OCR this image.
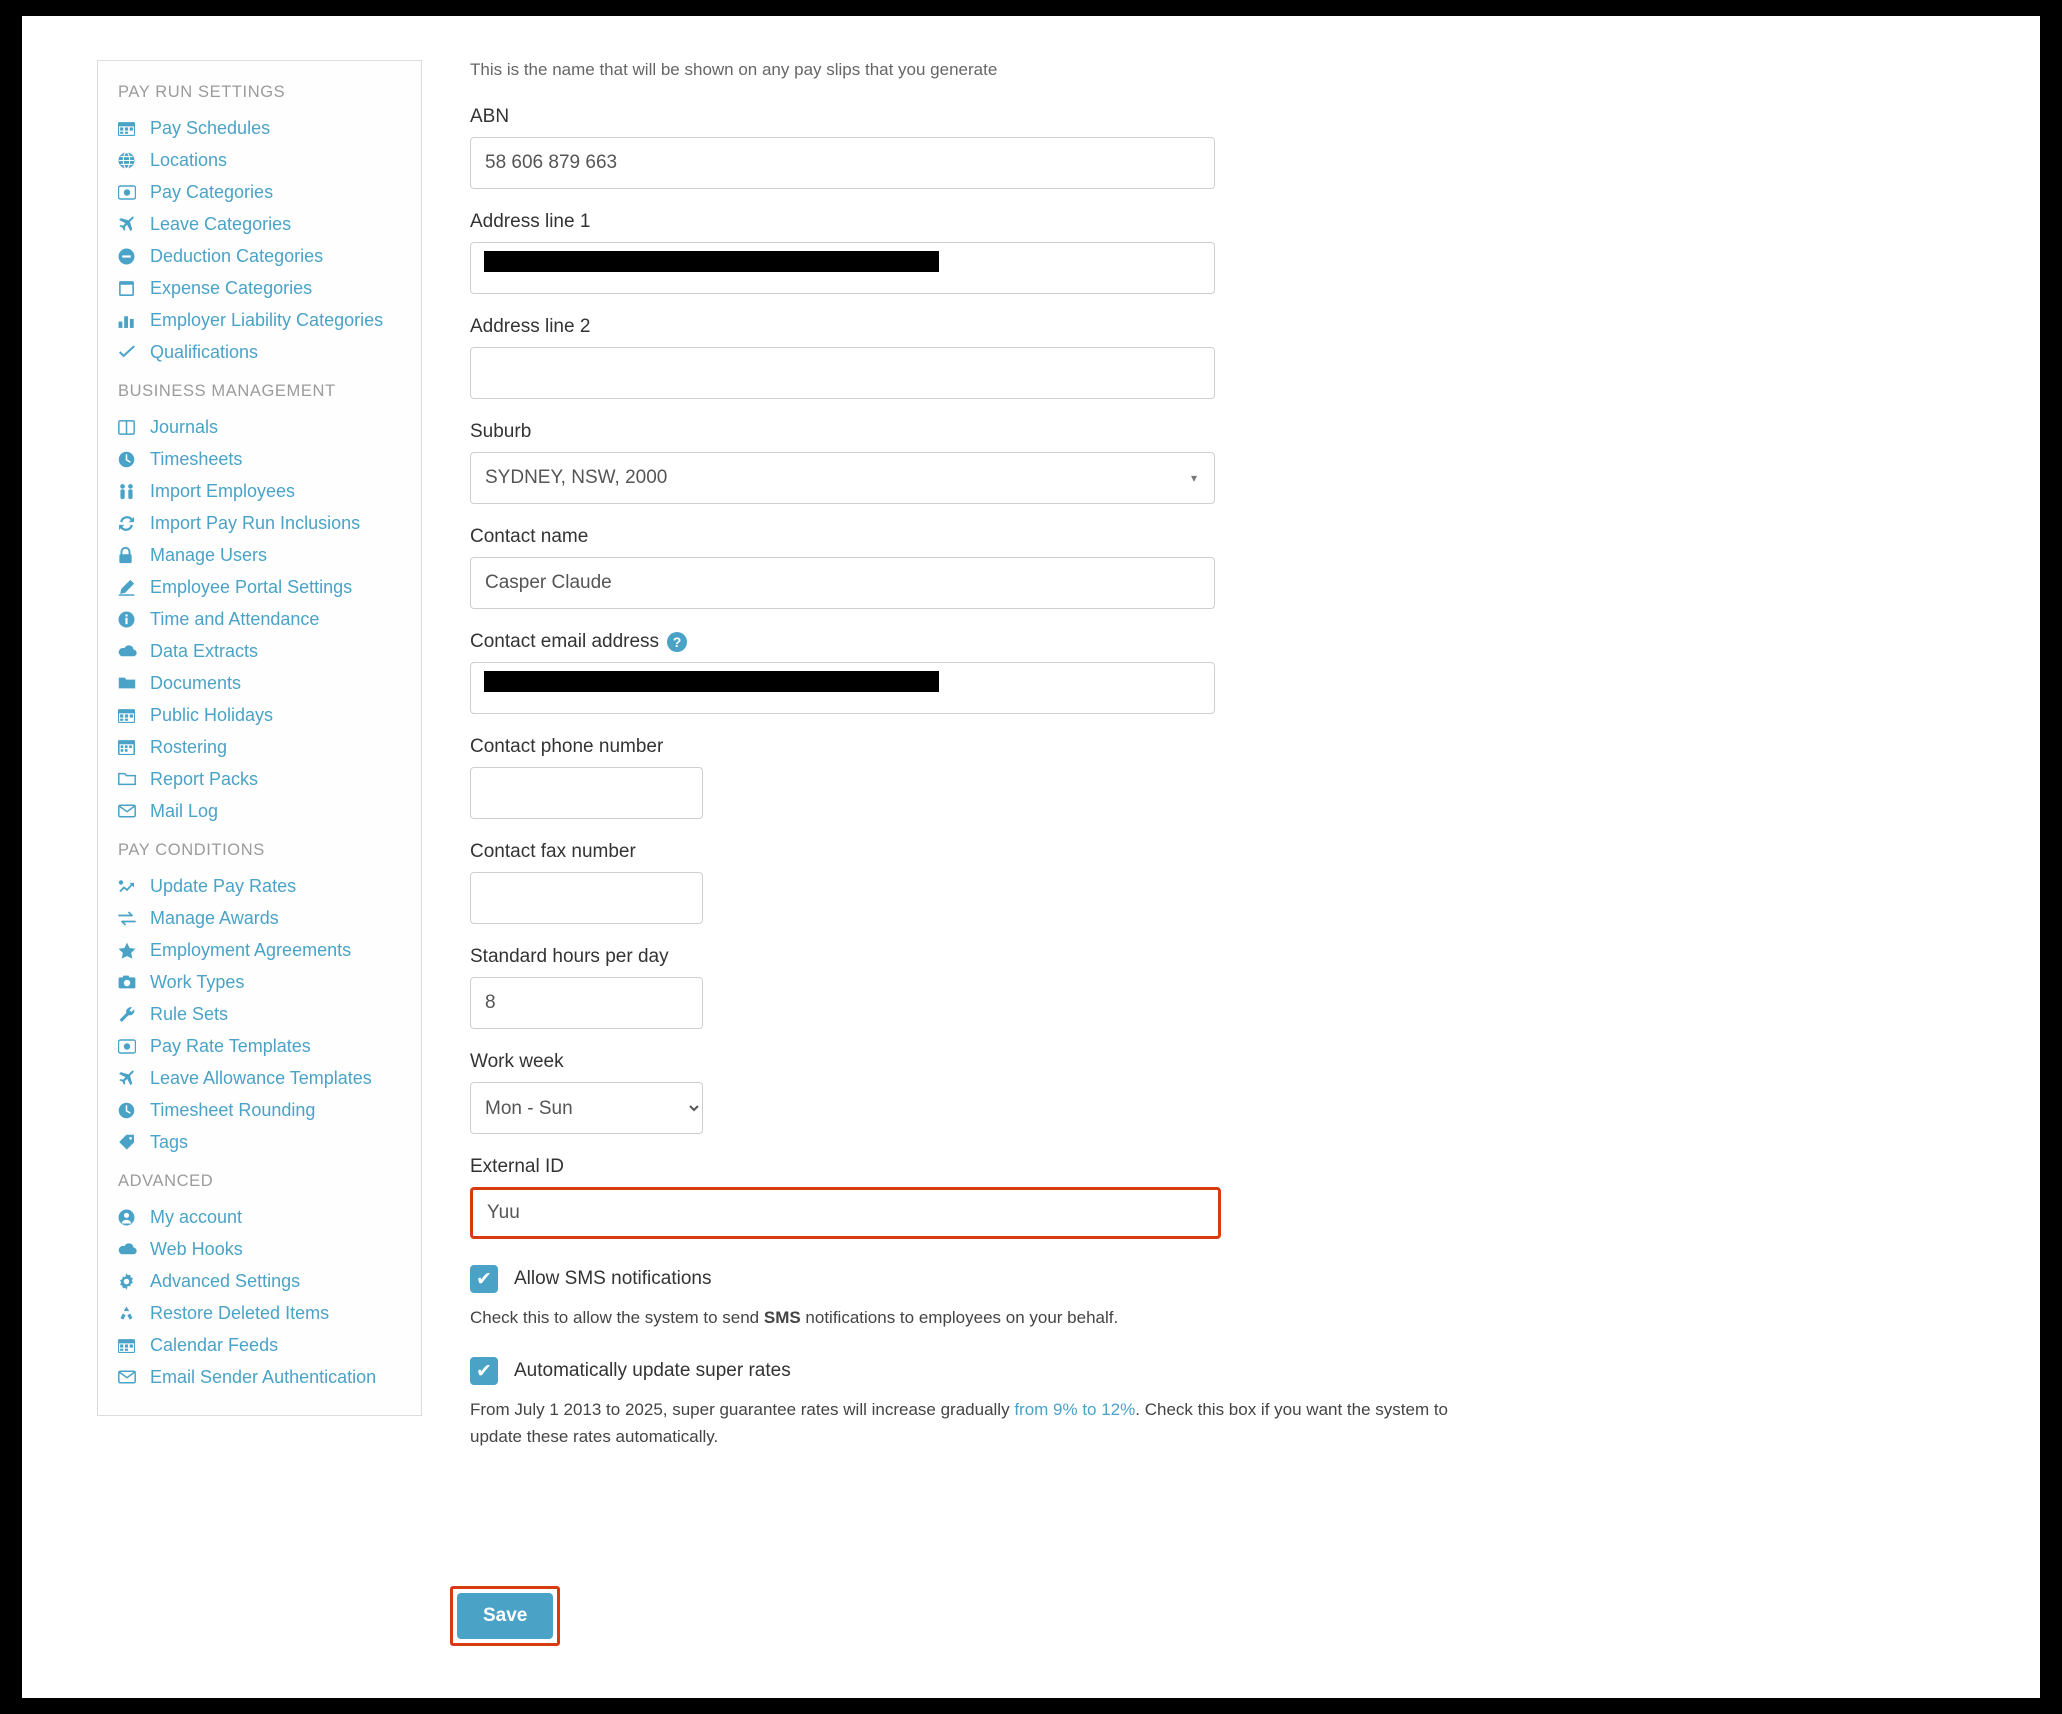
PAY RUN SETTINGS
Pay Schedules
Locations
Pay Categories
Leave Categories
Deduction Categories
Expense Categories
Employer Liability Categories
Qualifications
BUSINESS MANAGEMENT
Journals
Timesheets
Import Employees
Import Pay Run Inclusions
Manage Users
Employee Portal Settings
Time and Attendance
Data Extracts
Documents
Public Holidays
Rostering
Report Packs
Mail Log
PAY CONDITIONS
Update Pay Rates
Manage Awards
Employment Agreements
Work Types
Rule Sets
Pay Rate Templates
Leave Allowance Templates
Timesheet Rounding
Tags
ADVANCED
My account
Web Hooks
Advanced Settings
Restore Deleted Items
Calendar Feeds
Email Sender Authentication

This is the name that will be shown on any pay slips that you generate

ABN
58 606 879 663
Address line 1
Address line 2
Suburb
SYDNEY, NSW, 2000
▾
Contact name
Casper Claude
Contact email address ?
Contact phone number
Contact fax number
Standard hours per day
8
Work week
Mon - Sun
External ID
Yuu
✔	Allow SMS notifications

Check this to allow the system to send SMS notifications to employees on your behalf.

✔	Automatically update super rates

From July 1 2013 to 2025, super guarantee rates will increase gradually from 9% to 12%. Check this box if you want the system to update these rates automatically.

Save
